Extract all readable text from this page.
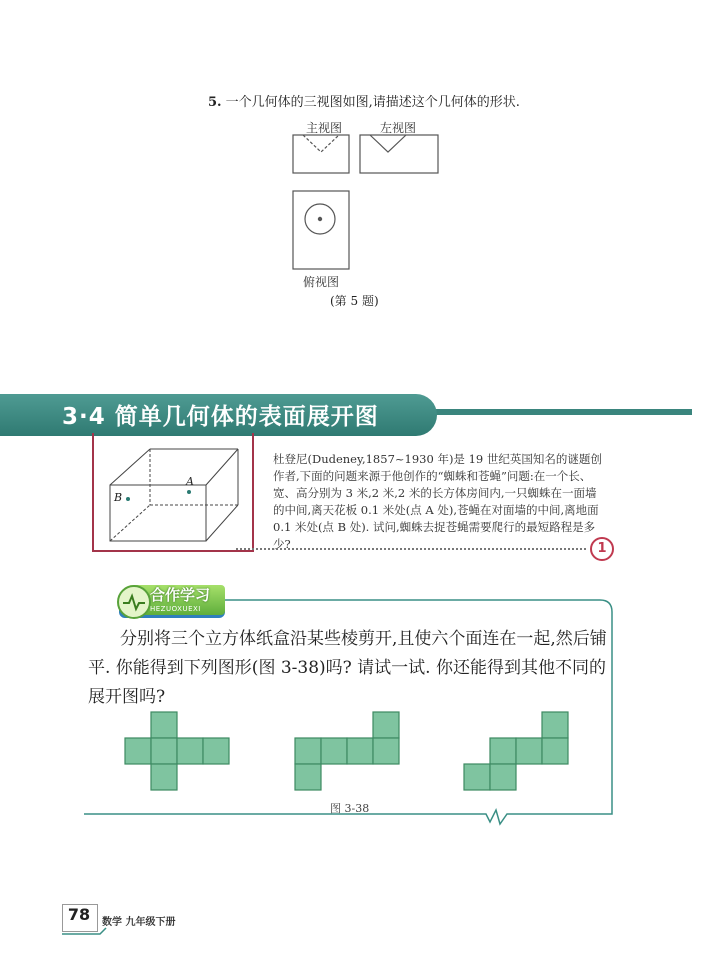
5. 一个几何体的三视图如图,请描述这个几何体的形状.
主视图	左视图
俯视图
(第 5 题)
3·4 简单几何体的表面展开图
B
A
杜登尼(Dudeney,1857~1930 年)是 19 世纪英国知名的谜题创作者,下面的问题来源于他创作的“蜘蛛和苍蝇”问题:在一个长、宽、高分别为 3 米,2 米,2 米的长方体房间内,一只蜘蛛在一面墙的中间,离天花板 0.1 米处(点 A 处),苍蝇在对面墙的中间,离地面 0.1 米处(点 B 处). 试问,蜘蛛去捉苍蝇需要爬行的最短路程是多少?	1
合作学习
HEZUOXUEXI
分别将三个立方体纸盒沿某些棱剪开,且使六个面连在一起,然后铺平. 你能得到下列图形(图 3-38)吗? 请试一试. 你还能得到其他不同的展开图吗?
图 3-38
78	数学 九年级下册
